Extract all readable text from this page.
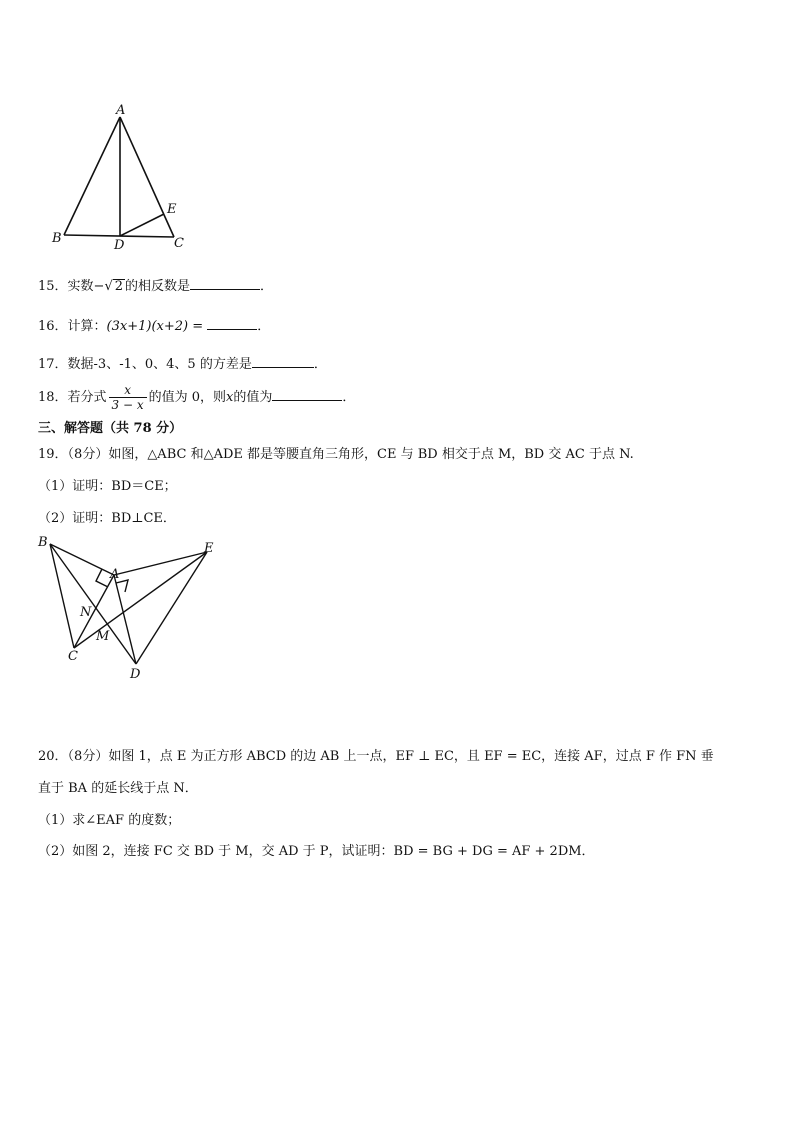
A
B	D	C
E
15．实数−√ 2 的相反数是	．
16．计算：(3x+1)(x+2) =	．
17．数据-3、-1、0、4、5 的方差是	．
18．若分式 $\frac{x}{3 - x}$ 的值为 0，则x的值为	．
三、解答题（共 78 分）
19．（8分）如图，△ABC 和△ADE 都是等腰直角三角形，CE 与 BD 相交于点 M，BD 交 AC 于点 N.
（1）证明：BD＝CE；
（2）证明：BD⊥CE．
B
A
E
N
M
C
D
20．（8分）如图 1，点 E 为正方形 ABCD 的边 AB 上一点，EF ⊥ EC，且 EF = EC，连接 AF，过点 F 作 FN 垂
直于 BA 的延长线于点 N．
（1）求∠EAF 的度数；
（2）如图 2，连接 FC 交 BD 于 M，交 AD 于 P，试证明：BD = BG + DG = AF + 2DM．
